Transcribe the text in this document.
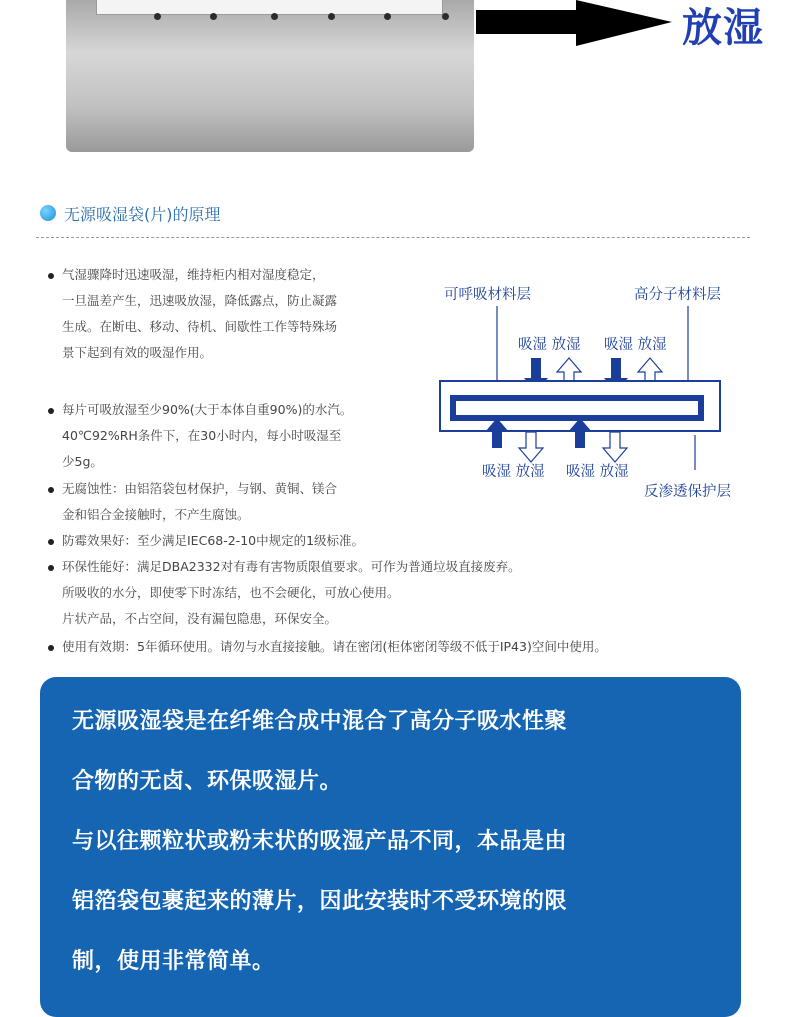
放湿
无源吸湿袋(片)的原理
气湿骤降时迅速吸湿，维持柜内相对湿度稳定，
一旦温差产生，迅速吸放湿，降低露点，防止凝露
生成。在断电、移动、待机、间歇性工作等特殊场
景下起到有效的吸湿作用。
每片可吸放湿至少90%(大于本体自重90%)的水汽。
40℃92%RH条件下，在30小时内，每小时吸湿至
少5g。
无腐蚀性：由铝箔袋包材保护，与钢、黄铜、镁合
金和铝合金接触时，不产生腐蚀。
防霉效果好：至少满足IEC68-2-10中规定的1级标准。
环保性能好：满足DBA2332对有毒有害物质限值要求。可作为普通垃圾直接废弃。
所吸收的水分，即使零下时冻结，也不会硬化，可放心使用。
片状产品，不占空间，没有漏包隐患，环保安全。
使用有效期：5年循环使用。请勿与水直接接触。请在密闭(柜体密闭等级不低于IP43)空间中使用。
可呼吸材料层	高分子材料层
吸湿 放湿 吸湿 放湿
吸湿 放湿 吸湿 放湿
反渗透保护层
无源吸湿袋是在纤维合成中混合了高分子吸水性聚
合物的无卤、环保吸湿片。
与以往颗粒状或粉末状的吸湿产品不同，本品是由
铝箔袋包裹起来的薄片，因此安装时不受环境的限
制，使用非常简单。
